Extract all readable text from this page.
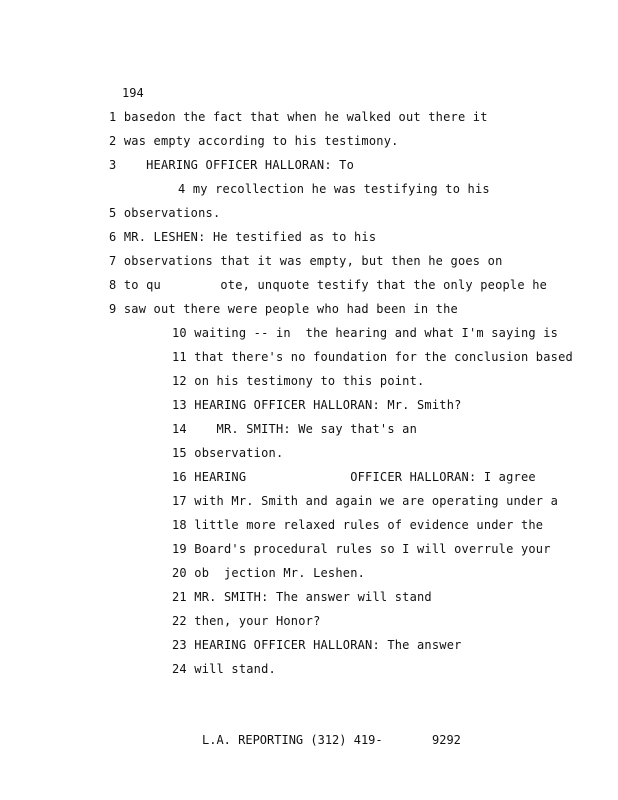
194
1 basedon the fact that when he walked out there it
2 was empty according to his testimony.
3    HEARING OFFICER HALLORAN: To
4 my recollection he was testifying to his
5 observations.
6 MR. LESHEN: He testified as to his
7 observations that it was empty, but then he goes on
8 to qu        ote, unquote testify that the only people he
9 saw out there were people who had been in the
10 waiting -- in  the hearing and what I'm saying is
11 that there's no foundation for the conclusion based
12 on his testimony to this point.
13 HEARING OFFICER HALLORAN: Mr. Smith?
14    MR. SMITH: We say that's an
15 observation.
16 HEARING              OFFICER HALLORAN: I agree
17 with Mr. Smith and again we are operating under a
18 little more relaxed rules of evidence under the
19 Board's procedural rules so I will overrule your
20 ob  jection Mr. Leshen.
21 MR. SMITH: The answer will stand
22 then, your Honor?
23 HEARING OFFICER HALLORAN: The answer
24 will stand.
L.A. REPORTING (312) 419-	9292
